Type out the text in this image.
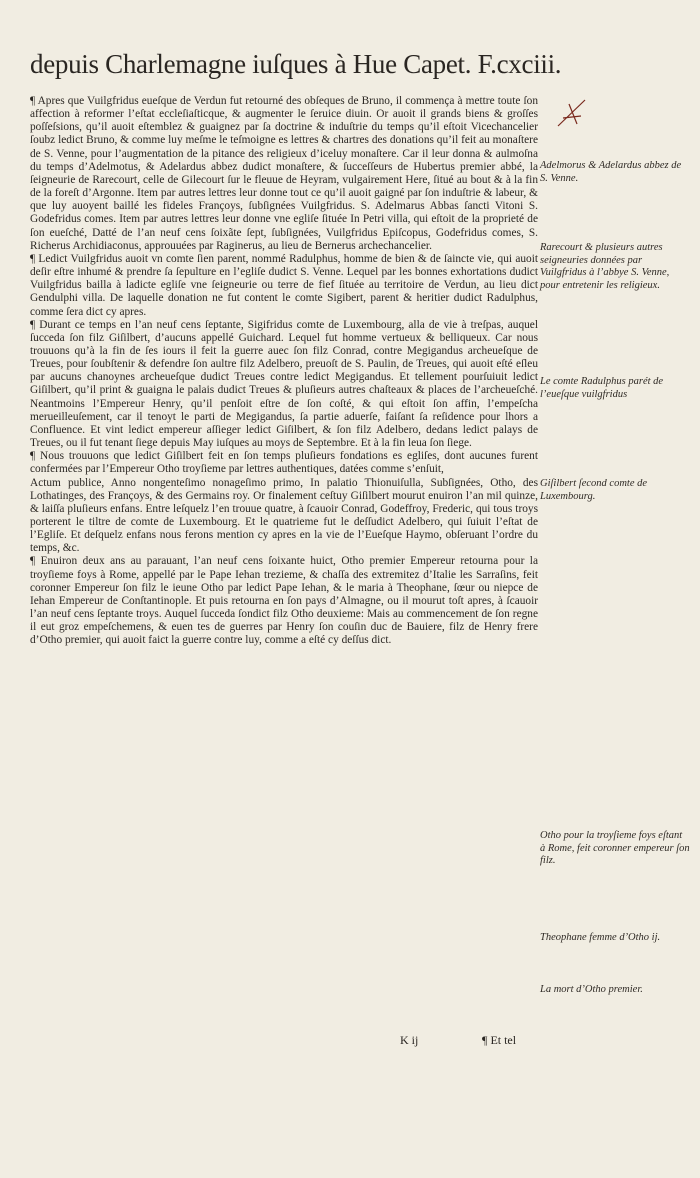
depuis Charlemagne iuſques à Hue Capet. F.cxciii.

¶ Apres que Vuilgfridus eueſque de Verdun fut retourné des obſeques de Bruno, il commença à mettre toute ſon affection à reformer l’eſtat eccleſiaſticque, & augmenter le ſeruice diuin. Or auoit il grands biens & groſſes poſſeſsions, qu’il auoit eſtemblez & guaignez par ſa doctrine & induſtrie du temps qu’il eſtoit Vicechancelier ſoubz ledict Bruno, & comme luy meſme le teſmoigne es lettres & chartres des donations qu’il feit au monaſtere de S. Venne, pour l’augmentation de la pitance des religieux d’iceluy monaſtere. Car il leur donna & aulmoſna du temps d’Adelmotus, & Adelardus abbez dudict monaſtere, & ſucceſſeurs de Hubertus premier abbé, la ſeigneurie de Rarecourt, celle de Gilecourt ſur le fleuue de Heyram, vulgairement Here, ſitué au bout & à la fin de la foreſt d’Argonne. Item par autres lettres leur donne tout ce qu’il auoit gaigné par ſon induſtrie & labeur, & que luy auoyent baillé les fideles Françoys, ſubſignées Vuilgfridus. S. Adelmarus Abbas ſancti Vitoni S. Godefridus comes. Item par autres lettres leur donne vne egliſe ſituée In Petri villa, qui eſtoit de la proprieté de ſon eueſché, Datté de l’an neuf cens ſoixãte ſept, ſubſignées, Vuilgfridus Epiſcopus, Godefridus comes, S. Richerus Archidiaconus, approuuées par Raginerus, au lieu de Bernerus archechancelier.

¶ Ledict Vuilgfridus auoit vn comte ſien parent, nommé Radulphus, homme de bien & de ſaincte vie, qui auoit deſir eſtre inhumé & prendre ſa ſepulture en l’egliſe dudict S. Venne. Lequel par les bonnes exhortations dudict Vuilgfridus bailla à ladicte egliſe vne ſeigneurie ou terre de fief ſituée au territoire de Verdun, au lieu dict Gendulphi villa. De laquelle donation ne fut content le comte Sigibert, parent & heritier dudict Radulphus, comme ſera dict cy apres.

¶ Durant ce temps en l’an neuf cens ſeptante, Sigifridus comte de Luxembourg, alla de vie à treſpas, auquel ſucceda ſon filz Giſilbert, d’aucuns appellé Guichard. Lequel fut homme vertueux & belliqueux. Car nous trouuons qu’à la fin de ſes iours il feit la guerre auec ſon filz Conrad, contre Megigandus archeueſque de Treues, pour ſoubſtenir & defendre ſon aultre filz Adelbero, preuoſt de S. Paulin, de Treues, qui auoit eſté eſleu par aucuns chanoynes archeueſque dudict Treues contre ledict Megigandus. Et tellement pourſuiuit ledict Giſilbert, qu’il print & guaigna le palais dudict Treues & pluſieurs autres chaſteaux & places de l’archeueſché. Neantmoins l’Empereur Henry, qu’il penſoit eſtre de ſon coſté, & qui eſtoit ſon affin, l’empeſcha merueilleuſement, car il tenoyt le parti de Megigandus, ſa partie aduerſe, faiſant ſa reſidence pour lhors a Confluence. Et vint ledict empereur aſſieger ledict Giſilbert, & ſon filz Adelbero, dedans ledict palays de Treues, ou il fut tenant ſiege depuis May iuſques au moys de Septembre. Et à la fin leua ſon ſiege.

¶ Nous trouuons que ledict Giſilbert feit en ſon temps pluſieurs fondations es egliſes, dont aucunes furent confermées par l’Empereur Otho troyſieme par lettres authentiques, datées comme s’enſuit,

Actum publice, Anno nongenteſimo nonageſimo primo, In palatio Thionuiſulla, Subſignées, Otho, des Lothatinges, des Françoys, & des Germains roy. Or finalement ceſtuy Giſilbert mourut enuiron l’an mil quinze, & laiſſa pluſieurs enfans. Entre leſquelz l’en trouue quatre, à ſcauoir Conrad, Godeffroy, Frederic, qui tous troys porterent le tiltre de comte de Luxembourg. Et le quatrieme fut le deſſudict Adelbero, qui ſuiuit l’eſtat de l’Egliſe. Et deſquelz enfans nous ferons mention cy apres en la vie de l’Eueſque Haymo, obſeruant l’ordre du temps, &c.

¶ Enuiron deux ans au parauant, l’an neuf cens ſoixante huict, Otho premier Empereur retourna pour la troyſieme foys à Rome, appellé par le Pape Iehan trezieme, & chaſſa des extremitez d’Italie les Sarraſins, feit coronner Empereur ſon filz le ieune Otho par ledict Pape Iehan, & le maria à Theophane, ſœur ou niepce de Iehan Empereur de Conſtantinople. Et puis retourna en ſon pays d’Almagne, ou il mourut toſt apres, à ſcauoir l’an neuf cens ſeptante troys. Auquel ſucceda ſondict filz Otho deuxieme: Mais au commencement de ſon regne il eut groz empeſchemens, & euen tes de guerres par Henry ſon couſin duc de Bauiere, filz de Henry frere d’Otho premier, qui auoit faict la guerre contre luy, comme a eſté cy deſſus dict.

Adelmorus & Adelardus abbez de S. Venne.
Rarecourt & plusieurs autres seigneuries données par Vuilgfridus à l’abbye S. Venne, pour entretenir les religieux.
Le comte Radulphus parét de l’eueſque vuilgfridus
Giſilbert ſecond comte de Luxembourg.
Otho pour la troyſieme foys eſtant à Rome, feit coronner empereur ſon filz.
Theophane femme d’Otho ij.
La mort d’Otho premier.
K ij	¶ Et tel
